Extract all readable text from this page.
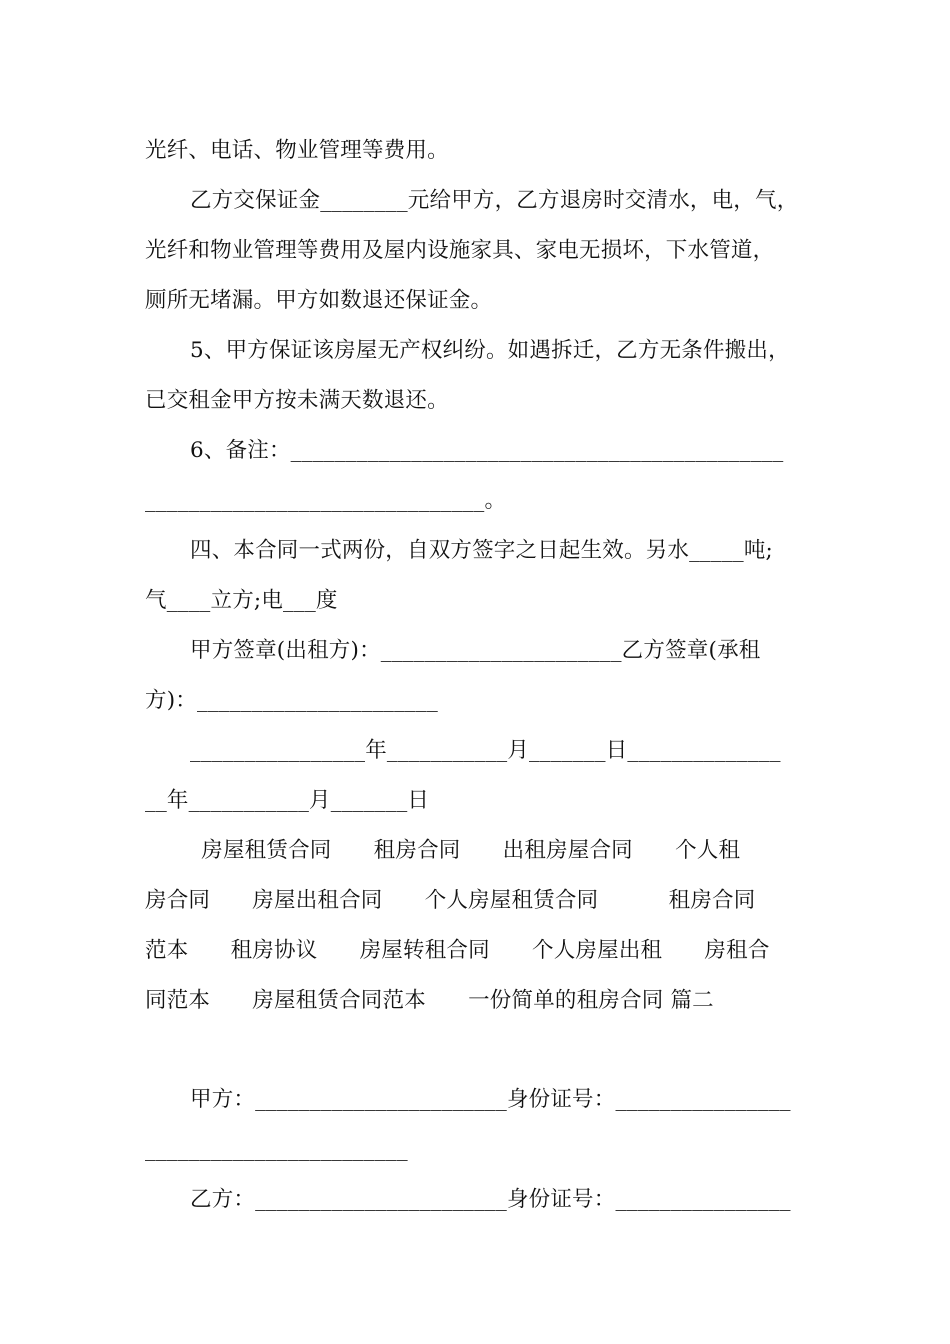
光纤、电话、物业管理等费用。
乙方交保证金________元给甲方，乙方退房时交清水，电，气，
光纤和物业管理等费用及屋内设施家具、家电无损坏，下水管道，
厕所无堵漏。甲方如数退还保证金。
5、甲方保证该房屋无产权纠纷。如遇拆迁，乙方无条件搬出，
已交租金甲方按未满天数退还。
6、备注：_____________________________________________
_______________________________。
四、本合同一式两份，自双方签字之日起生效。另水_____吨;
气____立方;电___度
甲方签章(出租方)：______________________乙方签章(承租
方)：______________________
________________年___________月_______日______________
__年___________月_______日
房屋租赁合同      租房合同      出租房屋合同      个人租
房合同      房屋出租合同      个人房屋租赁合同          租房合同
范本      租房协议      房屋转租合同      个人房屋出租      房租合
同范本      房屋租赁合同范本      一份简单的租房合同 篇二
甲方：_______________________身份证号：________________
________________________
乙方：_______________________身份证号：________________
